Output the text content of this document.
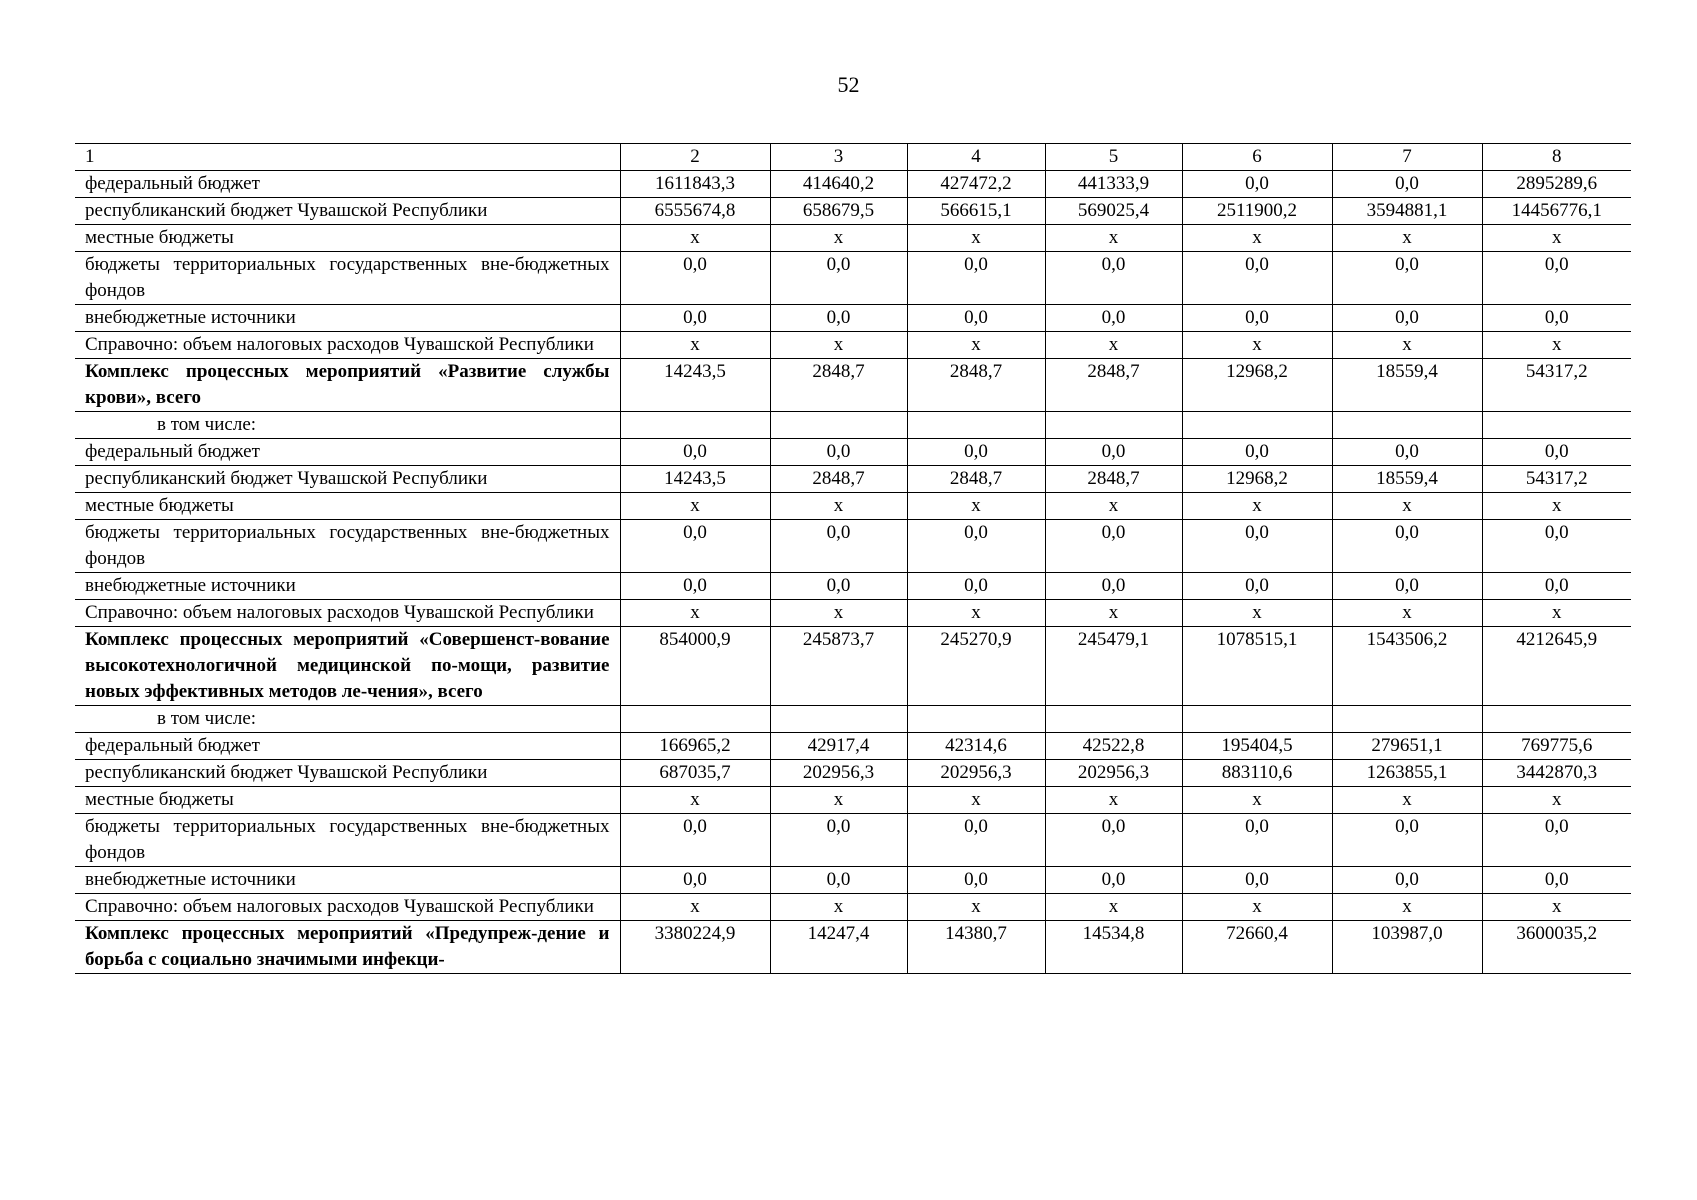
52
1	2	3	4	5	6	7	8
федеральный бюджет	1611843,3	414640,2	427472,2	441333,9	0,0	0,0	2895289,6
республиканский бюджет Чувашской Республики	6555674,8	658679,5	566615,1	569025,4	2511900,2	3594881,1	14456776,1
местные бюджеты	x	x	x	x	x	x	x
бюджеты территориальных государственных вне-бюджетных фондов	0,0	0,0	0,0	0,0	0,0	0,0	0,0
внебюджетные источники	0,0	0,0	0,0	0,0	0,0	0,0	0,0
Справочно: объем налоговых расходов Чувашской Республики	x	x	x	x	x	x	x
Комплекс процессных мероприятий «Развитие службы крови», всего	14243,5	2848,7	2848,7	2848,7	12968,2	18559,4	54317,2
в том числе:							
федеральный бюджет	0,0	0,0	0,0	0,0	0,0	0,0	0,0
республиканский бюджет Чувашской Республики	14243,5	2848,7	2848,7	2848,7	12968,2	18559,4	54317,2
местные бюджеты	x	x	x	x	x	x	x
бюджеты территориальных государственных вне-бюджетных фондов	0,0	0,0	0,0	0,0	0,0	0,0	0,0
внебюджетные источники	0,0	0,0	0,0	0,0	0,0	0,0	0,0
Справочно: объем налоговых расходов Чувашской Республики	x	x	x	x	x	x	x
Комплекс процессных мероприятий «Совершенст-вование высокотехнологичной медицинской по-мощи, развитие новых эффективных методов ле-чения», всего	854000,9	245873,7	245270,9	245479,1	1078515,1	1543506,2	4212645,9
в том числе:							
федеральный бюджет	166965,2	42917,4	42314,6	42522,8	195404,5	279651,1	769775,6
республиканский бюджет Чувашской Республики	687035,7	202956,3	202956,3	202956,3	883110,6	1263855,1	3442870,3
местные бюджеты	x	x	x	x	x	x	x
бюджеты территориальных государственных вне-бюджетных фондов	0,0	0,0	0,0	0,0	0,0	0,0	0,0
внебюджетные источники	0,0	0,0	0,0	0,0	0,0	0,0	0,0
Справочно: объем налоговых расходов Чувашской Республики	x	x	x	x	x	x	x
Комплекс процессных мероприятий «Предупреж-дение и борьба с социально значимыми инфекци-	3380224,9	14247,4	14380,7	14534,8	72660,4	103987,0	3600035,2
